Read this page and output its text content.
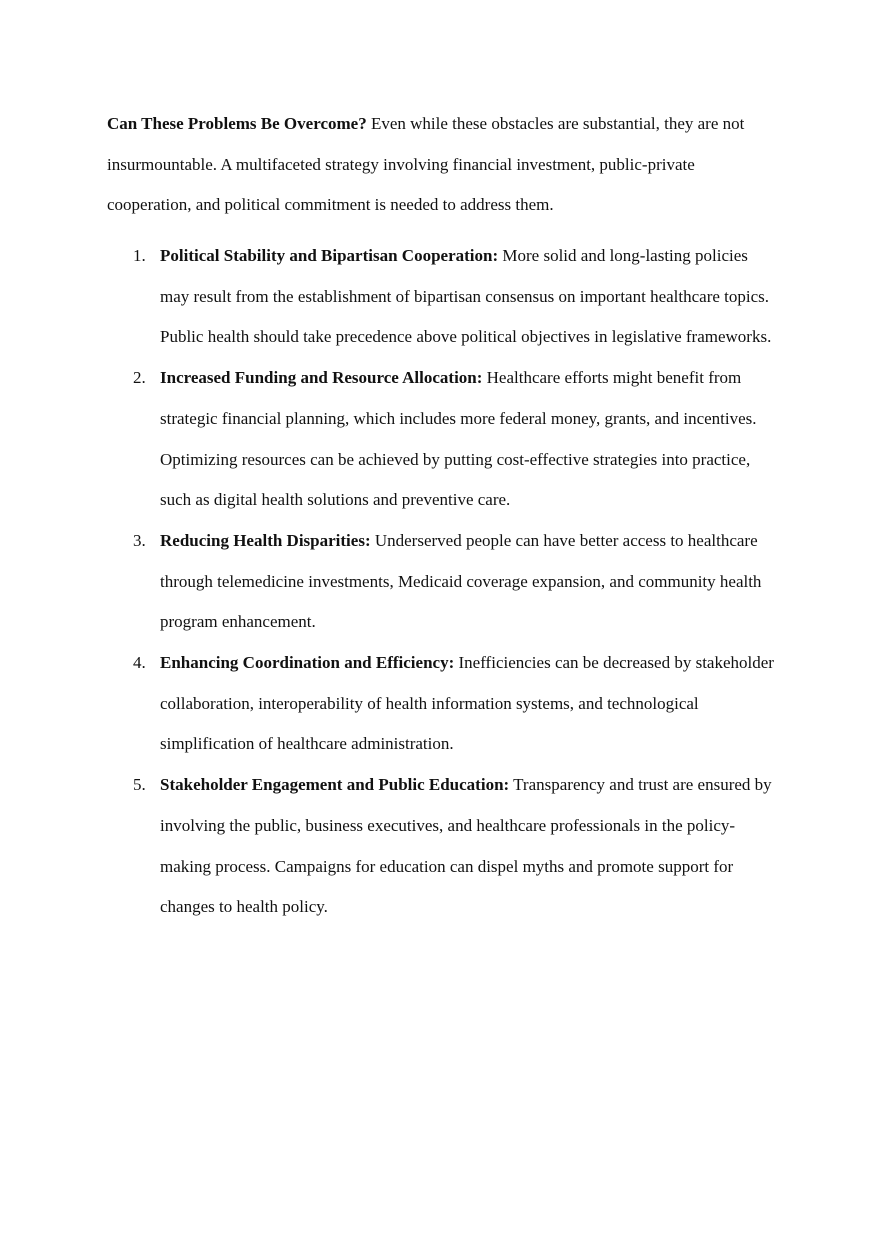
Can These Problems Be Overcome? Even while these obstacles are substantial, they are not insurmountable. A multifaceted strategy involving financial investment, public-private cooperation, and political commitment is needed to address them.

1. Political Stability and Bipartisan Cooperation: More solid and long-lasting policies may result from the establishment of bipartisan consensus on important healthcare topics. Public health should take precedence above political objectives in legislative frameworks.
2. Increased Funding and Resource Allocation: Healthcare efforts might benefit from strategic financial planning, which includes more federal money, grants, and incentives. Optimizing resources can be achieved by putting cost-effective strategies into practice, such as digital health solutions and preventive care.
3. Reducing Health Disparities: Underserved people can have better access to healthcare through telemedicine investments, Medicaid coverage expansion, and community health program enhancement.
4. Enhancing Coordination and Efficiency: Inefficiencies can be decreased by stakeholder collaboration, interoperability of health information systems, and technological simplification of healthcare administration.
5. Stakeholder Engagement and Public Education: Transparency and trust are ensured by involving the public, business executives, and healthcare professionals in the policy-making process. Campaigns for education can dispel myths and promote support for changes to health policy.
